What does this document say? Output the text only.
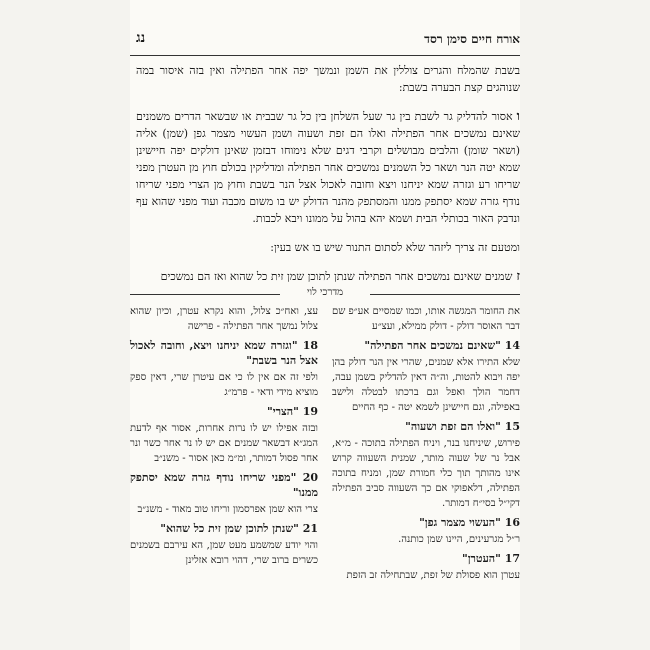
אורח חיים סימן רסד
נג

בשבת שהמלח והגרים צוללין את השמן ונמשך יפה אחר הפתילה ואין בזה איסור במה שנוהגים קצת הבערה בשבת:

ואסור להדליק גר לשבת בין גר שעל השלחן בין כל גר שבבית או שבשאר הדרים משמנים שאינם נמשכים אחר הפתילה ואלו הם זפת ושעוה ושמן העשוי מצמר גפן (שמן) אליה (ושאר שומן) והלבים מבושלים וקרבי דגים שלא נימוחו דבזמן שאינן דולקים יפה חיישינן שמא יטה הנר ושאר כל השמנים נמשכים אחר הפתילה ומדליקין בכולם חוץ מן העטרן מפני שריחו רע וגזרה שמא יניחנו ויצא וחובה לאכול אצל הנר בשבת וחוץ מן הצרי מפני שריחו נודף גזרה שמא יסתפק ממנו והמסתפק מהנר הדולק יש בו משום מכבה ועוד מפני שהוא עף ונדבק האור בכותלי הבית ושמא יהא בהול על ממונו ויבא לכבות.

ומטעם זה צריך ליזהר שלא לסתום התנור שיש בו אש בעין:

זשמנים שאינם נמשכים אחר הפתילה שנתן לתוכן שמן זית כל שהוא ואז הם נמשכים

מדרכי לוי

את החומר המגשה אותו, וכמו שמסיים אע״פ שם דבר האוסר דולק - דולק ממילא, ועצ״ע

14 "שאינם נמשכים אחר הפתילה"

שלא התירו אלא שמנים, שהרי אין הנר דולק בהן יפה ויבוא להטות, וה״ה דאין להדליק בשמן עבה, דחמר הולך ואפל וגם ברכתו לבטלה ולישב באפילה, וגם חיישינן לשמא יטה - כף החיים

15 "ואלו הם זפת ושעוה"

פירוש, שיניחנו בנר, ויניח הפתילה בתוכה - מ״א, אבל נר של שעוה מותר, שמנית השעווה קרוש אינו מהותך תוך כלי חמורת שמן, ומניח בתוכה הפתילה, דלאפוקי אם כך השעווה סביב הפתילה דקי״ל בסי״ח דמותר.

16 "העשוי מצמר גפן"

ר״ל מגרעינים, היינו שמן כותנה.

17 "העטרן"

עטרן הוא פסולת של זפת, שבתחילה זב הזפת

עצ, ואח״כ צלול, והוא נקרא עטרן, וכיון שהוא צלול נמשך אחר הפתילה - פרישה

18 "וגזרה שמא יניחנו ויצא, וחובה לאכול אצל הנר בשבת"

ולפי זה אם אין לו כי אם עיטרן שרי, דאין ספק מוציא מידי ודאי - פרמ״ג

19 "הצרי"

ובזה אפילו יש לו נרות אחרות, אסור אף לדעת המג״א דבשאר שמנים אם יש לו נר אחר כשר ונר אחר פסול דמותר, ומ״מ כאן אסור - משנ״ב

20 "מפני שריחו נודף גזרה שמא יסתפק ממנו"

צרי הוא שמן אפרסמון וריחו טוב מאוד - משנ״ב

21 "שנתן לתוכן שמן זית כל שהוא"

והוי יודע שמשמע מעט שמן, הא עירבם בשמנים כשרים ברוב שרי, דהוי רובא אזלינן
